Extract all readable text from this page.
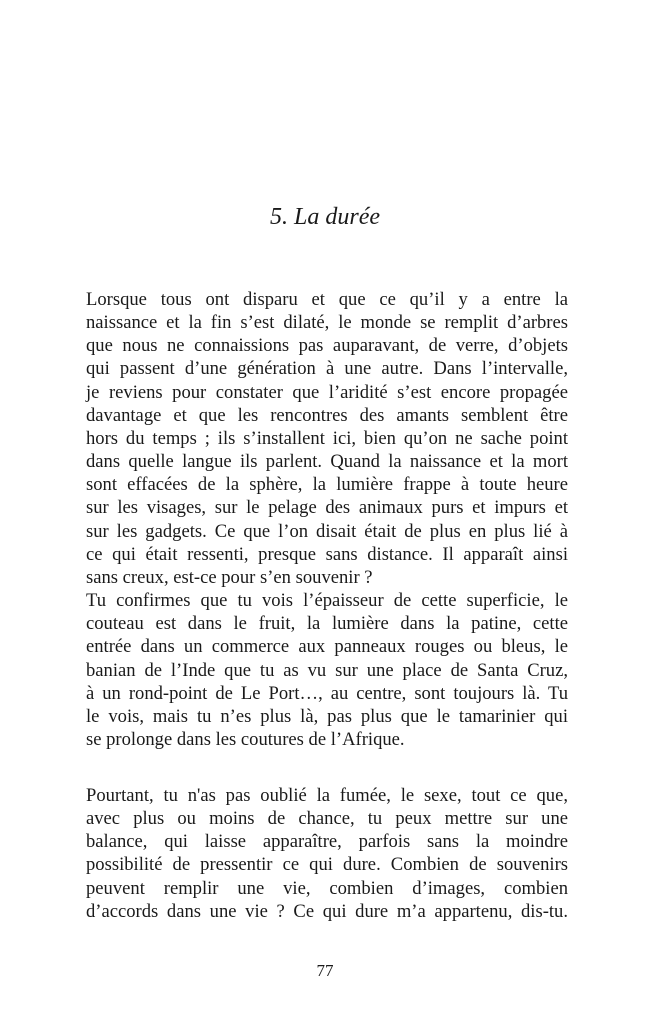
5. La durée
Lorsque tous ont disparu et que ce qu’il y a entre la
naissance et la fin s’est dilaté, le monde se remplit d’arbres
que nous ne connaissions pas auparavant, de verre, d’objets
qui passent d’une génération à une autre. Dans l’intervalle,
je reviens pour constater que l’aridité s’est encore propagée
davantage et que les rencontres des amants semblent être
hors du temps ; ils s’installent ici, bien qu’on ne sache point
dans quelle langue ils parlent. Quand la naissance et la mort
sont effacées de la sphère, la lumière frappe à toute heure
sur les visages, sur le pelage des animaux purs et impurs et
sur les gadgets. Ce que l’on disait était de plus en plus lié à
ce qui était ressenti, presque sans distance. Il apparaît ainsi
sans creux, est-ce pour s’en souvenir ?
Tu confirmes que tu vois l’épaisseur de cette superficie, le
couteau est dans le fruit, la lumière dans la patine, cette
entrée dans un commerce aux panneaux rouges ou bleus, le
banian de l’Inde que tu as vu sur une place de Santa Cruz,
à un rond-point de Le Port…, au centre, sont toujours là. Tu
le vois, mais tu n’es plus là, pas plus que le tamarinier qui
se prolonge dans les coutures de l’Afrique.
Pourtant, tu n'as pas oublié la fumée, le sexe, tout ce que,
avec plus ou moins de chance, tu peux mettre sur une
balance, qui laisse apparaître, parfois sans la moindre
possibilité de pressentir ce qui dure. Combien de souvenirs
peuvent remplir une vie, combien d’images, combien
d’accords dans une vie ? Ce qui dure m’a appartenu, dis-tu.
77
